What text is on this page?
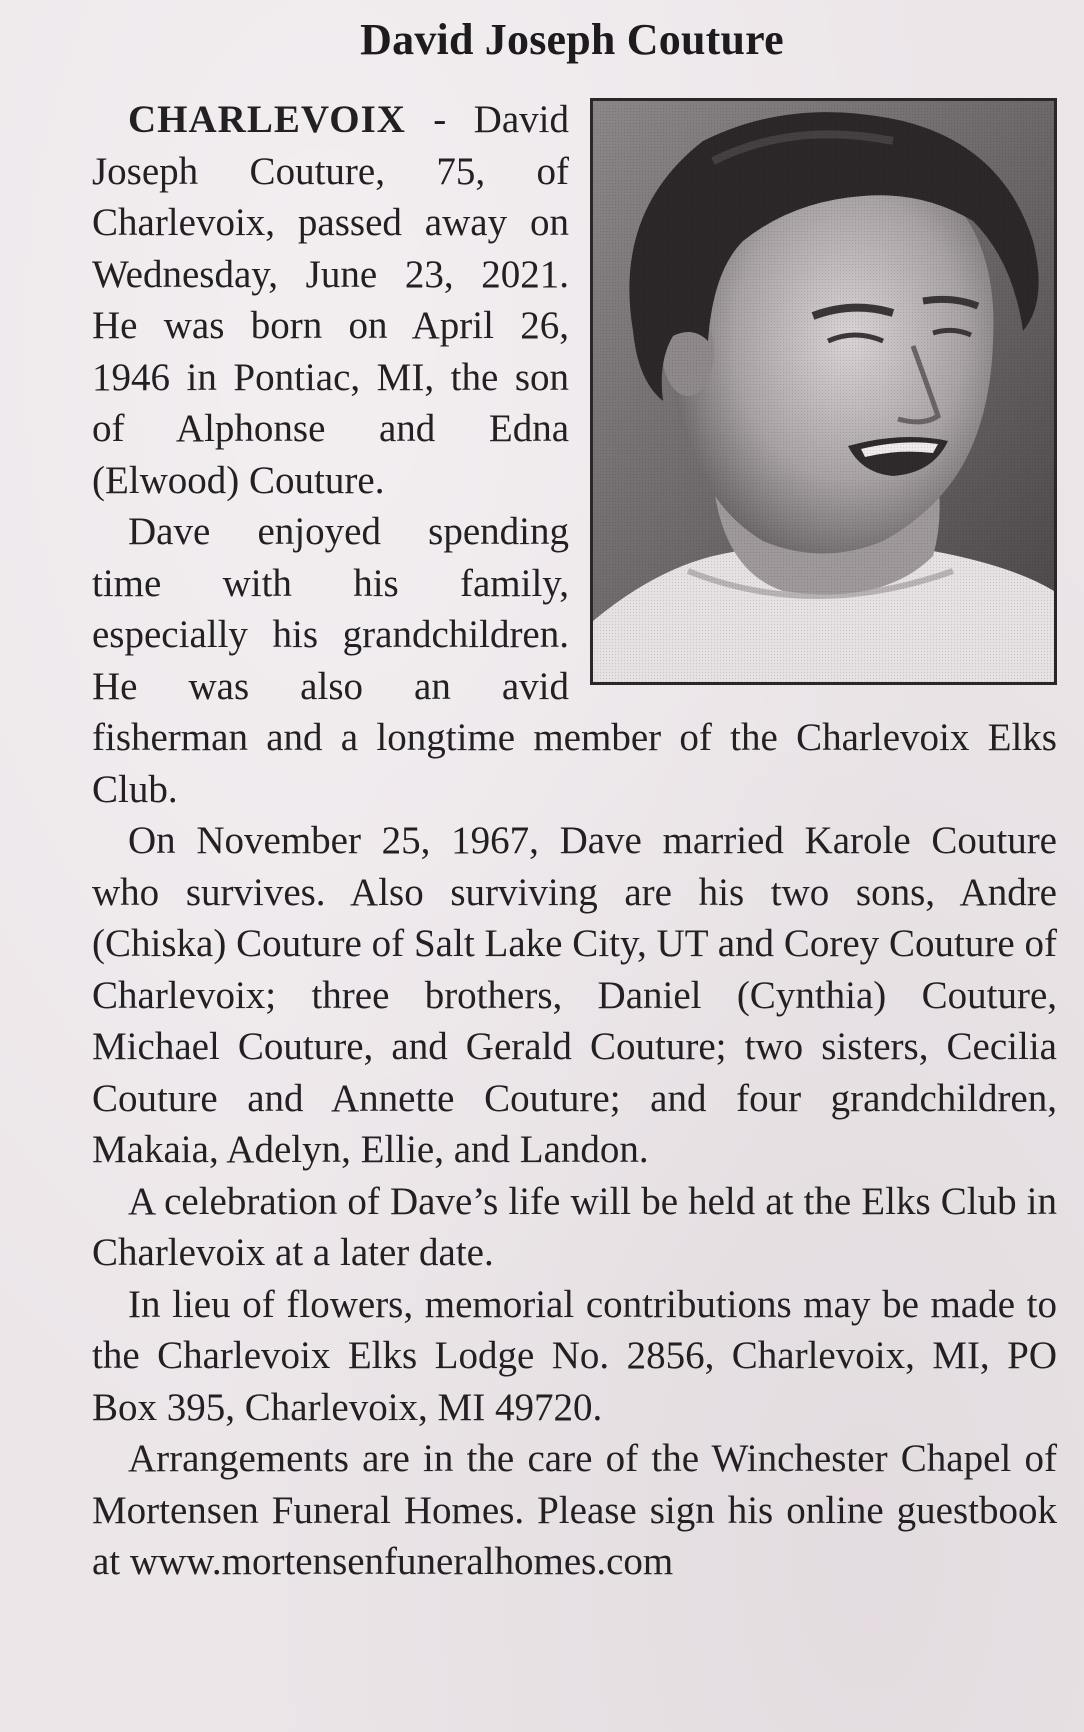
David Joseph Couture

CHARLEVOIX - David Joseph Couture, 75, of Charlevoix, passed away on Wednesday, June 23, 2021. He was born on April 26, 1946 in Pontiac, MI, the son of Alphonse and Edna (Elwood) Couture.

Dave enjoyed spending time with his family, especially his grandchildren. He was also an avid fisherman and a longtime member of the Charlevoix Elks Club.

On November 25, 1967, Dave married Karole Couture who survives. Also surviving are his two sons, Andre (Chiska) Couture of Salt Lake City, UT and Corey Couture of Charlevoix; three brothers, Daniel (Cynthia) Couture, Michael Couture, and Gerald Couture; two sisters, Cecilia Couture and Annette Couture; and four grandchildren, Makaia, Adelyn, Ellie, and Landon.

A celebration of Dave’s life will be held at the Elks Club in Charlevoix at a later date.

In lieu of flowers, memorial contributions may be made to the Charlevoix Elks Lodge No. 2856, Charlevoix, MI, PO Box 395, Charlevoix, MI 49720.

Arrangements are in the care of the Winchester Chapel of Mortensen Funeral Homes. Please sign his online guestbook at www.mortensenfuneralhomes.com
